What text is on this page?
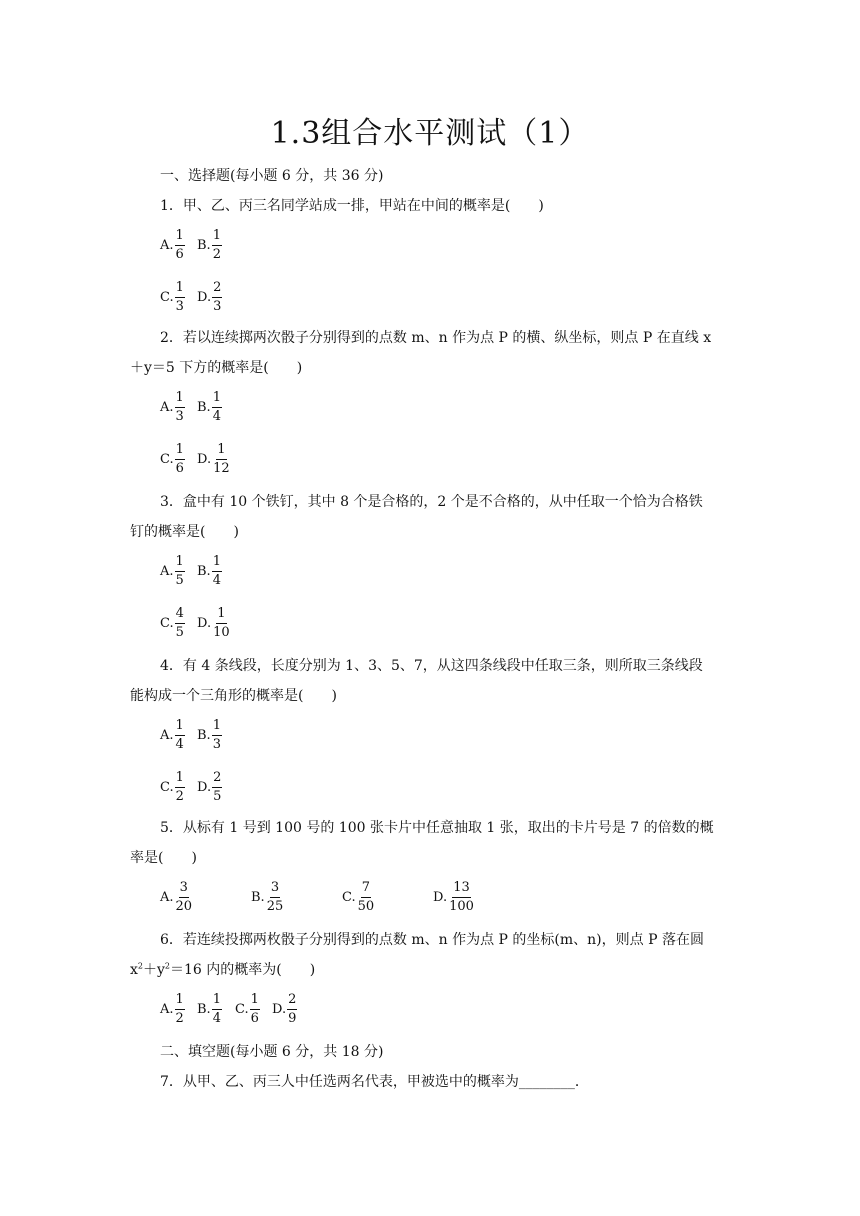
1.3组合水平测试（1）
一、选择题(每小题 6 分，共 36 分)
1．甲、乙、丙三名同学站成一排，甲站在中间的概率是(　　)
A. $\frac{1}{6} B$. $\frac{1}{2}$
C. $\frac{1}{3} D$. $\frac{2}{3}$
2．若以连续掷两次骰子分别得到的点数 m、n 作为点 P 的横、纵坐标，则点 P 在直线 x
＋y＝5 下方的概率是(　　)
A. $\frac{1}{3} B$. $\frac{1}{4}$
C. $\frac{1}{6} D$. $\frac{1}{12}$
3．盒中有 10 个铁钉，其中 8 个是合格的，2 个是不合格的，从中任取一个恰为合格铁
钉的概率是(　　)
A. $\frac{1}{5} B$. $\frac{1}{4}$
C. $\frac{4}{5} D$. $\frac{1}{10}$
4．有 4 条线段，长度分别为 1、3、5、7，从这四条线段中任取三条，则所取三条线段
能构成一个三角形的概率是(　　)
A. $\frac{1}{4} B$. $\frac{1}{3}$
C. $\frac{1}{2} D$. $\frac{2}{5}$
5．从标有 1 号到 100 号的 100 张卡片中任意抽取 1 张，取出的卡片号是 7 的倍数的概
率是(　　)
A. $\frac{3}{20}$	B. $\frac{3}{25}$	C. $\frac{7}{50}$	D. $\frac{13}{100}$
6．若连续投掷两枚骰子分别得到的点数 m、n 作为点 P 的坐标(m、n)，则点 P 落在圆
$x^2+y^2=16$ 内的概率为(　　)
A. $\frac{1}{2} B$. $\frac{1}{4} C$. $\frac{1}{6} D$. $\frac{2}{9}$
二、填空题(每小题 6 分，共 18 分)
7．从甲、乙、丙三人中任选两名代表，甲被选中的概率为________．
